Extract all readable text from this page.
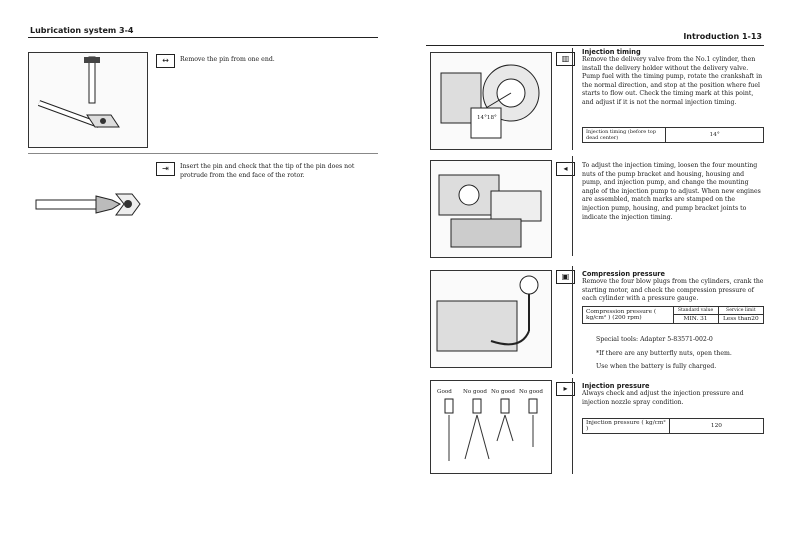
Lubrication system 3-4
↔	Remove the pin from one end.
⇥	Insert the pin and check that the tip of the pin does not protrude from the end face of the rotor.
Introduction 1-13
14°18°
▥
Injection timing
Remove the delivery valve from the No.1 cylinder, then install the delivery holder without the delivery valve. Pump fuel with the timing pump, rotate the crankshaft in the normal direction, and stop at the position where fuel starts to flow out. Check the timing mark at this point, and adjust if it is not the normal injection timing.
Injection timing (before top dead center)	14°
◂	To adjust the injection timing, loosen the four mounting nuts of the pump bracket and housing, housing and pump, and injection pump, and change the mounting angle of the injection pump to adjust. When new engines are assembled, match marks are stamped on the injection pump, housing, and pump bracket joints to indicate the injection timing.
▣	Compression pressure
Remove the four blow plugs from the cylinders, crank the starting motor, and check the compression pressure of each cylinder with a pressure gauge.
Compression pressure ( kg/cm² ) (200 rpm)	Standard value	Service limit
	MIN. 31	Less than20
Special tools: Adapter 5-83571-002-0
*If there are any butterfly nuts, open them.
Use when the battery is fully charged.
Good No good No good No good	▸	Injection pressure
Always check and adjust the injection pressure and injection nozzle spray condition.
Injection pressure ( kg/cm² )	120
